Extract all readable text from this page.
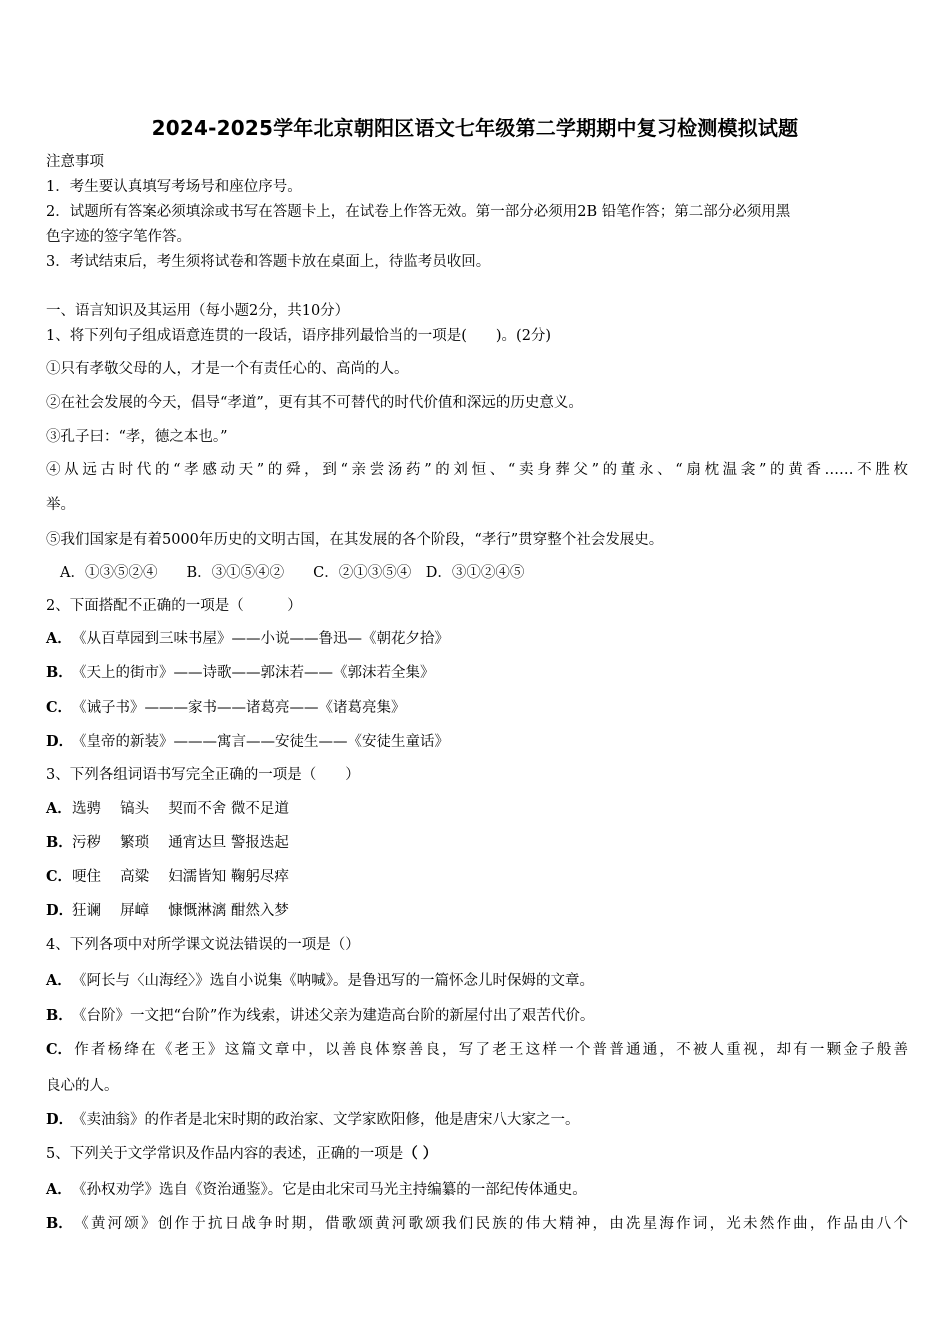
2024-2025学年北京朝阳区语文七年级第二学期期中复习检测模拟试题
注意事项
1．考生要认真填写考场号和座位序号。
2．试题所有答案必须填涂或书写在答题卡上，在试卷上作答无效。第一部分必须用2B 铅笔作答；第二部分必须用黑
色字迹的签字笔作答。
3．考试结束后，考生须将试卷和答题卡放在桌面上，待监考员收回。
一、语言知识及其运用（每小题2分，共10分）
1、将下列句子组成语意连贯的一段话，语序排列最恰当的一项是(　　)。(2分)
①只有孝敬父母的人，才是一个有责任心的、高尚的人。
②在社会发展的今天，倡导“孝道”，更有其不可替代的时代价值和深远的历史意义。
③孔子曰：“孝，德之本也。”
④从远古时代的“孝感动天”的舜，到“亲尝汤药”的刘恒、“卖身葬父”的董永、“扇枕温衾”的黄香……不胜枚
举。
⑤我们国家是有着5000年历史的文明古国，在其发展的各个阶段，“孝行”贯穿整个社会发展史。
A．①③⑤②④　　B．③①⑤④②　　C．②①③⑤④　D．③①②④⑤
2、下面搭配不正确的一项是（　　　）
A．《从百草园到三味书屋》——小说——鲁迅—《朝花夕拾》
B．《天上的街市》——诗歌——郭沫若——《郭沫若全集》
C．《诫子书》———家书——诸葛亮——《诸葛亮集》
D．《皇帝的新装》———寓言——安徒生——《安徒生童话》
3、下列各组词语书写完全正确的一项是（　　）
A．选骋　 镐头　 契而不舍 微不足道
B．污秽　 繁琐　 通宵达旦 警报迭起
C．哽住　 高粱　 妇濡皆知 鞠躬尽瘁
D．狂谰　 屏嶂　 慷慨淋漓 酣然入梦
4、下列各项中对所学课文说法错误的一项是（）
A．《阿长与〈山海经〉》选自小说集《呐喊》。是鲁迅写的一篇怀念儿时保姆的文章。
B．《台阶》一文把“台阶”作为线索，讲述父亲为建造高台阶的新屋付出了艰苦代价。
C．作者杨绛在《老王》这篇文章中，以善良体察善良，写了老王这样一个普普通通，不被人重视，却有一颗金子般善
良心的人。
D．《卖油翁》的作者是北宋时期的政治家、文学家欧阳修，他是唐宋八大家之一。
5、下列关于文学常识及作品内容的表述，正确的一项是（ ）
A．《孙权劝学》选自《资治通鉴》。它是由北宋司马光主持编纂的一部纪传体通史。
B．《黄河颂》创作于抗日战争时期，借歌颂黄河歌颂我们民族的伟大精神，由冼星海作词，光未然作曲，作品由八个
